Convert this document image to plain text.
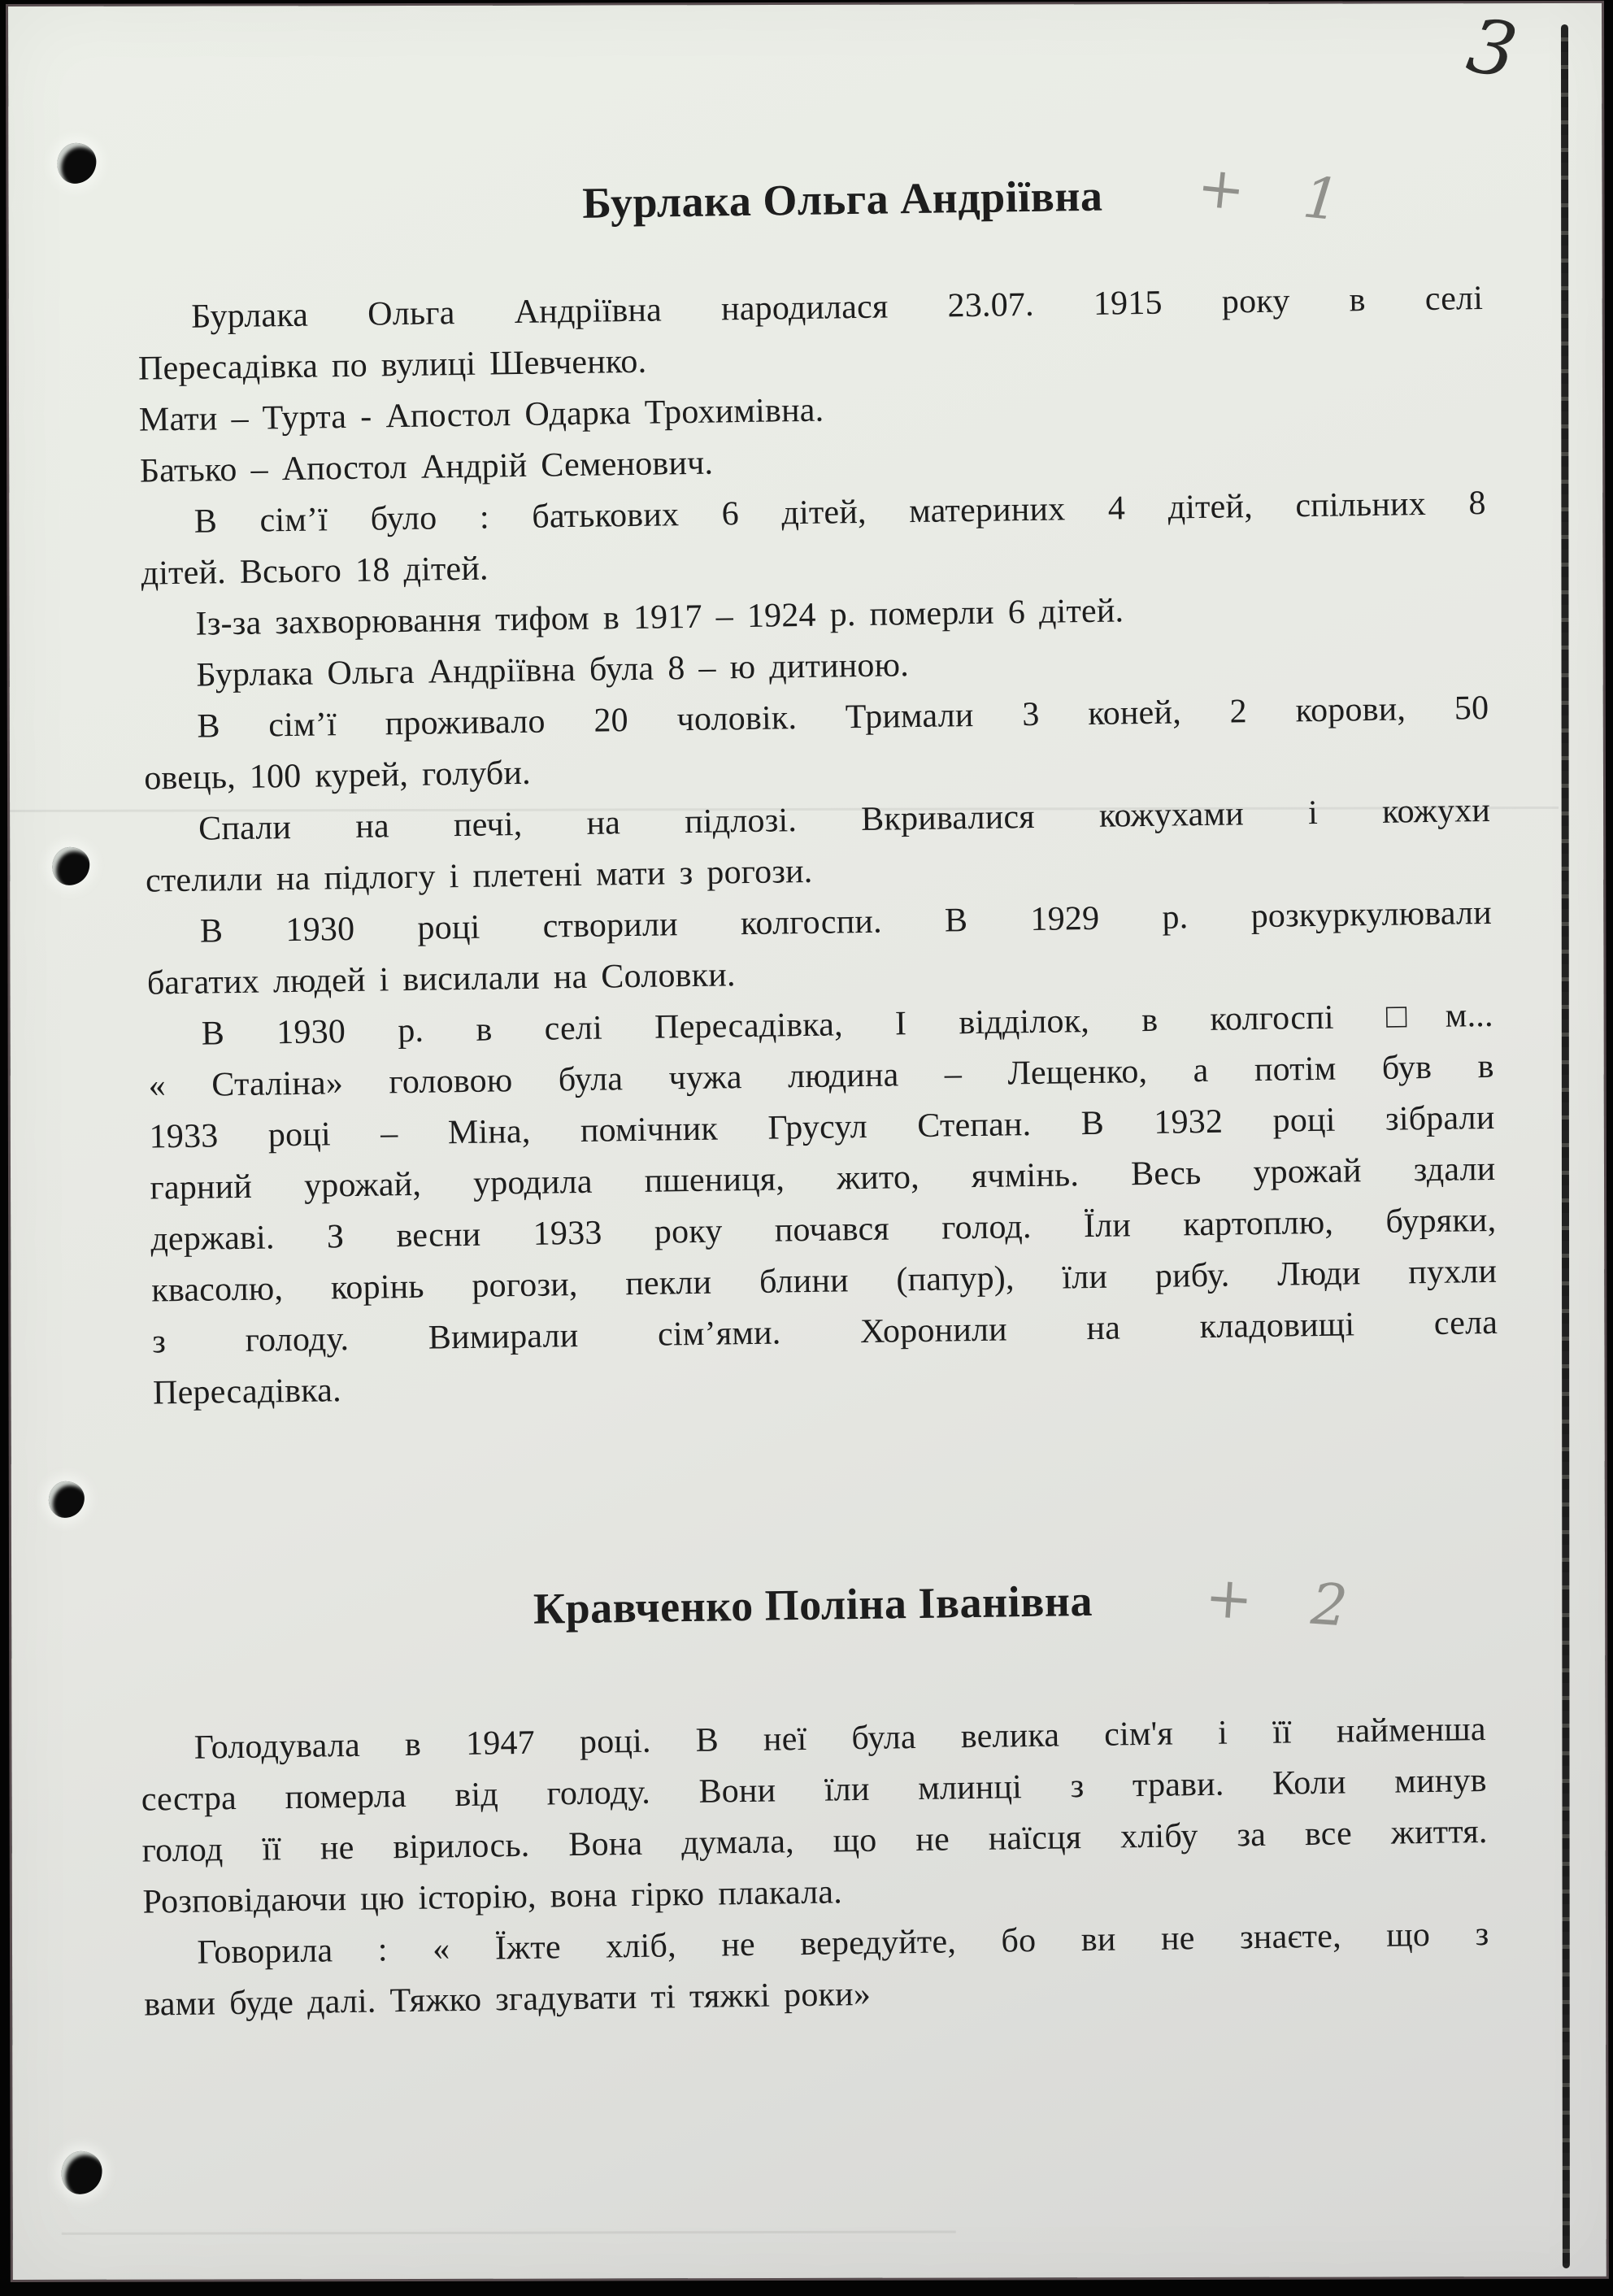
3
Бурлака Ольга Андріївна	+ 1
Бурлака Ольга Андріївна народилася 23.07. 1915 року в селі
Пересадівка по вулиці Шевченко.
Мати – Турта - Апостол Одарка Трохимівна.
Батько – Апостол Андрій Семенович.
В сім’ї було : батькових 6 дітей, материних 4 дітей, спільних 8
дітей. Всього 18 дітей.
Із-за захворювання тифом в 1917 – 1924 р. померли 6 дітей.
Бурлака Ольга Андріївна була 8 – ю дитиною.
В сім’ї проживало 20 чоловік. Тримали 3 коней, 2 корови, 50
овець, 100 курей, голуби.
Спали на печі, на підлозі. Вкривалися кожухами і кожухи
стелили на підлогу і плетені мати з рогози.
В 1930 році створили колгоспи. В 1929 р. розкуркулювали
багатих людей і висилали на Соловки.
В 1930 р. в селі Пересадівка, І відділок, в колгоспі □м...
« Сталіна» головою була чужа людина – Лещенко, а потім був в
1933 році – Міна, помічник Грусул Степан. В 1932 році зібрали
гарний урожай, уродила пшениця, жито, ячмінь. Весь урожай здали
державі. З весни 1933 року почався голод. Їли картоплю, буряки,
квасолю, корінь рогози, пекли блини (папур), їли рибу. Люди пухли
з голоду. Вимирали сім’ями. Хоронили на кладовищі села
Пересадівка.
Кравченко Поліна Іванівна	+ 2
Голодувала в 1947 році. В неї була велика сім'я і її найменша
сестра померла від голоду. Вони їли млинці з трави. Коли минув
голод її не вірилось. Вона думала, що не наїсця хлібу за все життя.
Розповідаючи цю історію, вона гірко плакала.
Говорила : « Їжте хліб, не вередуйте, бо ви не знаєте, що з
вами буде далі. Тяжко згадувати ті тяжкі роки»
